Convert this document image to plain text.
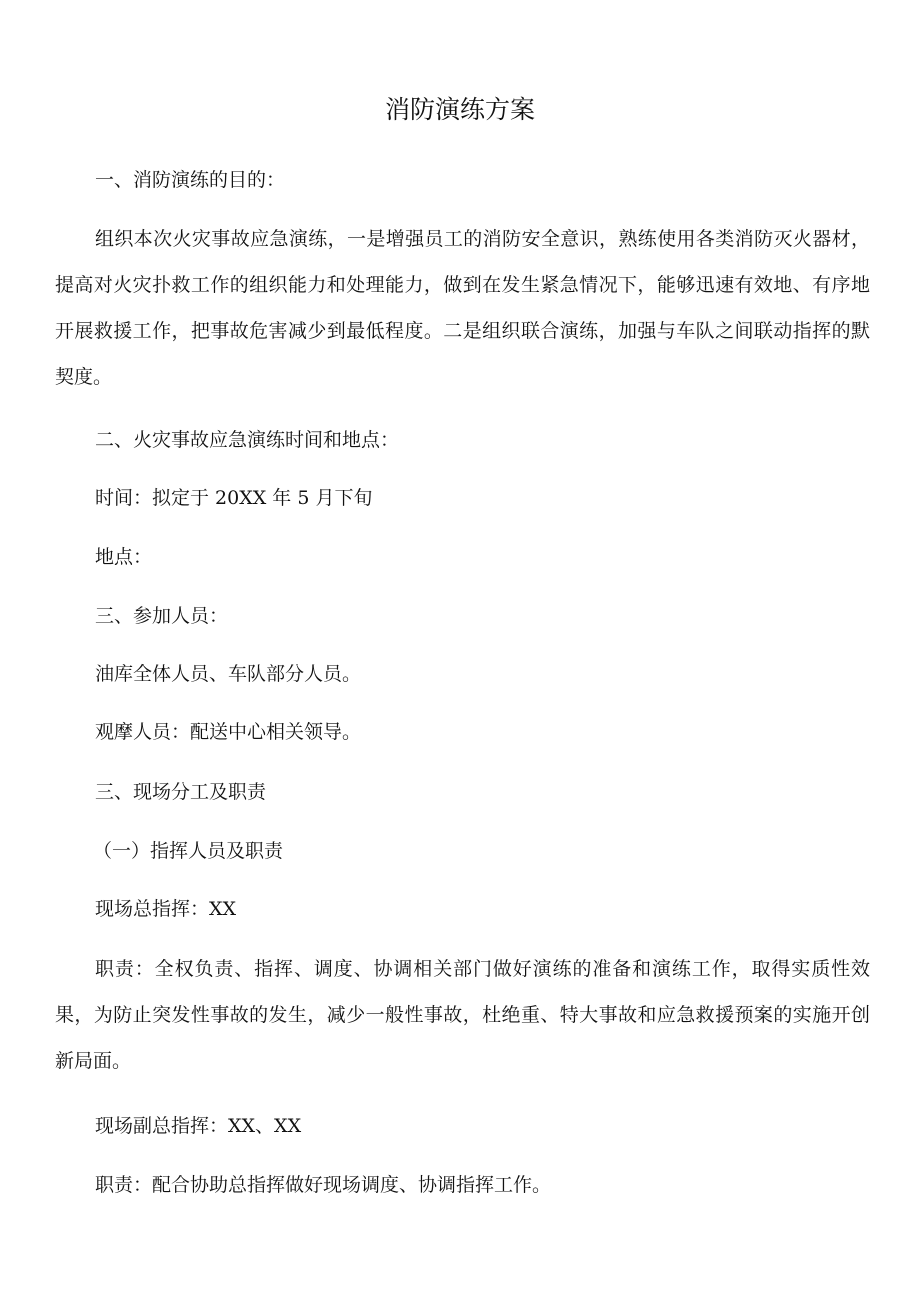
消防演练方案

一、消防演练的目的：

组织本次火灾事故应急演练，一是增强员工的消防安全意识，熟练使用各类消防灭火器材，提高对火灾扑救工作的组织能力和处理能力，做到在发生紧急情况下，能够迅速有效地、有序地开展救援工作，把事故危害减少到最低程度。二是组织联合演练，加强与车队之间联动指挥的默契度。

二、火灾事故应急演练时间和地点：

时间：拟定于 20XX 年 5 月下旬

地点：

三、参加人员：

油库全体人员、车队部分人员。

观摩人员：配送中心相关领导。

三、现场分工及职责

（一）指挥人员及职责

现场总指挥：XX

职责：全权负责、指挥、调度、协调相关部门做好演练的准备和演练工作，取得实质性效果，为防止突发性事故的发生，减少一般性事故，杜绝重、特大事故和应急救援预案的实施开创新局面。

现场副总指挥：XX、XX

职责：配合协助总指挥做好现场调度、协调指挥工作。
